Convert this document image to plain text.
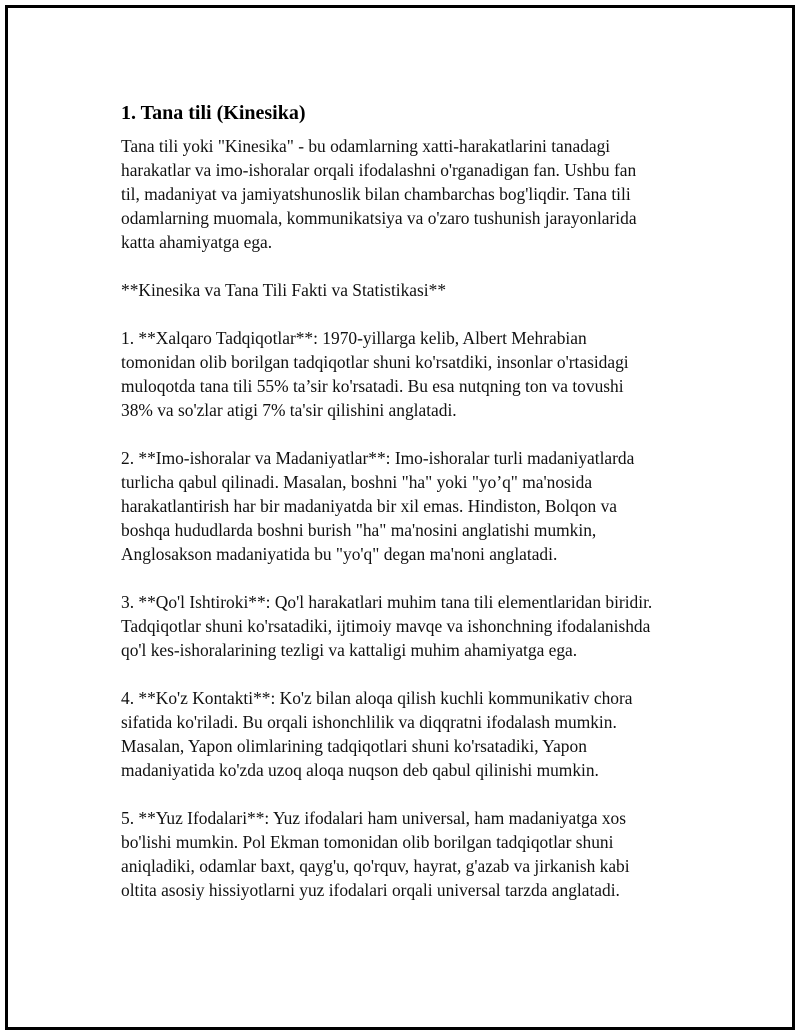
1. Tana tili (Kinesika)

Tana tili yoki "Kinesika" - bu odamlarning xatti-harakatlarini tanadagi
harakatlar va imo-ishoralar orqali ifodalashni o'rganadigan fan. Ushbu fan
til, madaniyat va jamiyatshunoslik bilan chambarchas bog'liqdir. Tana tili
odamlarning muomala, kommunikatsiya va o'zaro tushunish jarayonlarida
katta ahamiyatga ega.

**Kinesika va Tana Tili Fakti va Statistikasi**

1. **Xalqaro Tadqiqotlar**: 1970-yillarga kelib, Albert Mehrabian
tomonidan olib borilgan tadqiqotlar shuni ko'rsatdiki, insonlar o'rtasidagi
muloqotda tana tili 55% ta’sir ko'rsatadi. Bu esa nutqning ton va tovushi
38% va so'zlar atigi 7% ta'sir qilishini anglatadi.

2. **Imo-ishoralar va Madaniyatlar**: Imo-ishoralar turli madaniyatlarda
turlicha qabul qilinadi. Masalan, boshni "ha" yoki "yo’q" ma'nosida
harakatlantirish har bir madaniyatda bir xil emas. Hindiston, Bolqon va
boshqa hududlarda boshni burish "ha" ma'nosini anglatishi mumkin,
Anglosakson madaniyatida bu "yo'q" degan ma'noni anglatadi.

3. **Qo'l Ishtiroki**: Qo'l harakatlari muhim tana tili elementlaridan biridir.
Tadqiqotlar shuni ko'rsatadiki, ijtimoiy mavqe va ishonchning ifodalanishda
qo'l kes-ishoralarining tezligi va kattaligi muhim ahamiyatga ega.

4. **Ko'z Kontakti**: Ko'z bilan aloqa qilish kuchli kommunikativ chora
sifatida ko'riladi. Bu orqali ishonchlilik va diqqratni ifodalash mumkin.
Masalan, Yapon olimlarining tadqiqotlari shuni ko'rsatadiki, Yapon
madaniyatida ko'zda uzoq aloqa nuqson deb qabul qilinishi mumkin.

5. **Yuz Ifodalari**: Yuz ifodalari ham universal, ham madaniyatga xos
bo'lishi mumkin. Pol Ekman tomonidan olib borilgan tadqiqotlar shuni
aniqladiki, odamlar baxt, qayg'u, qo'rquv, hayrat, g'azab va jirkanish kabi
oltita asosiy hissiyotlarni yuz ifodalari orqali universal tarzda anglatadi.
